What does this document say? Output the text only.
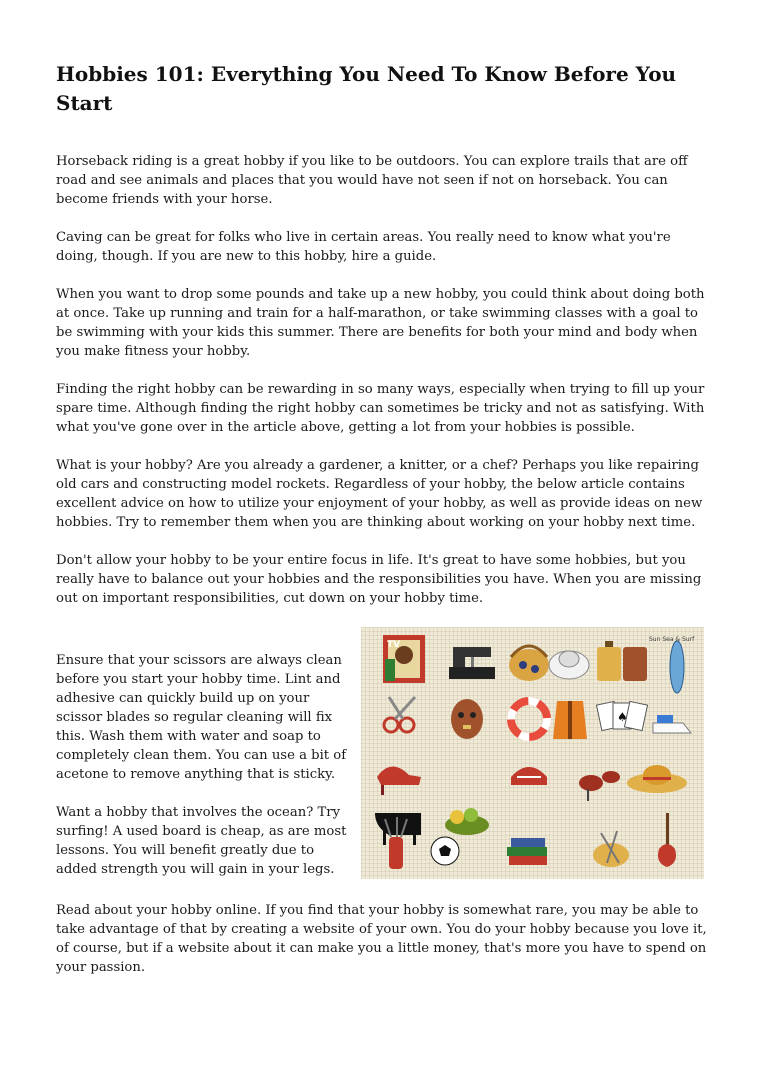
Hobbies 101: Everything You Need To Know Before You Start

Horseback riding is a great hobby if you like to be outdoors. You can explore trails that are off road and see animals and places that you would have not seen if not on horseback. You can become friends with your horse.

Caving can be great for folks who live in certain areas. You really need to know what you're doing, though. If you are new to this hobby, hire a guide.

When you want to drop some pounds and take up a new hobby, you could think about doing both at once. Take up running and train for a half-marathon, or take swimming classes with a goal to be swimming with your kids this summer. There are benefits for both your mind and body when you make fitness your hobby.

Finding the right hobby can be rewarding in so many ways, especially when trying to fill up your spare time. Although finding the right hobby can sometimes be tricky and not as satisfying. With what you've gone over in the article above, getting a lot from your hobbies is possible.

What is your hobby? Are you already a gardener, a knitter, or a chef? Perhaps you like repairing old cars and constructing model rockets. Regardless of your hobby, the below article contains excellent advice on how to utilize your enjoyment of your hobby, as well as provide ideas on new hobbies. Try to remember them when you are thinking about working on your hobby next time.

Don't allow your hobby to be your entire focus in life. It's great to have some hobbies, but you really have to balance out your hobbies and the responsibilities you have. When you are missing out on important responsibilities, cut down on your hobby time.

Ensure that your scissors are always clean before you start your hobby time. Lint and adhesive can quickly build up on your scissor blades so regular cleaning will fix this. Wash them with water and soap to completely clean them. You can use a bit of acetone to remove anything that is sticky.

Want a hobby that involves the ocean? Try surfing! A used board is cheap, as are most lessons. You will benefit greatly due to added strength you will gain in your legs.

TV
Sun Sea & Surf
♠

Read about your hobby online. If you find that your hobby is somewhat rare, you may be able to take advantage of that by creating a website of your own. You do your hobby because you love it, of course, but if a website about it can make you a little money, that's more you have to spend on your passion.
